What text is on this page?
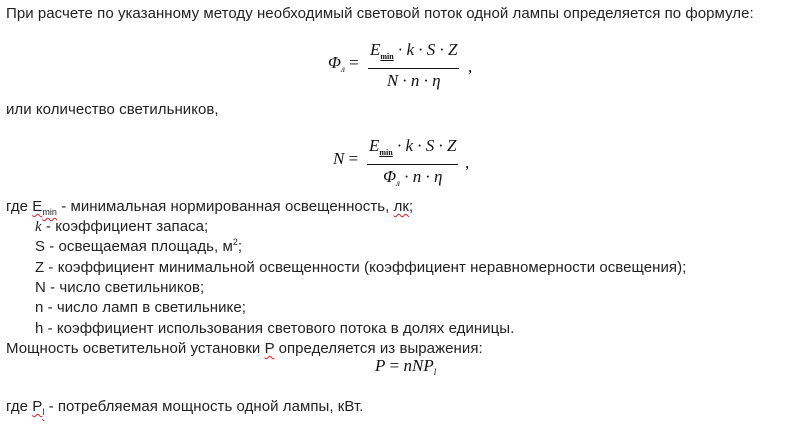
При расчете по указанному методу необходимый световой поток одной лампы определяется по формуле:
$\Phi_л$ =
$E_{min} \cdot k \cdot S \cdot Z$
N · n · η
,
или количество светильников,
N =
$E_{min} \cdot k \cdot S \cdot Z$
$\Phi_л \cdot n \cdot \eta$
,
где $E_{min}$ - минимальная нормированная освещенность, лк;
k - коэффициент запаса;
S - освещаемая площадь, $м^2$;
Z - коэффициент минимальной освещенности (коэффициент неравномерности освещения);
N - число светильников;
n - число ламп в светильнике;
h - коэффициент использования светового потока в долях единицы.
Мощность осветительной установки P определяется из выражения:
P = nNP$_l$
где $P_l$ - потребляемая мощность одной лампы, кВт.
